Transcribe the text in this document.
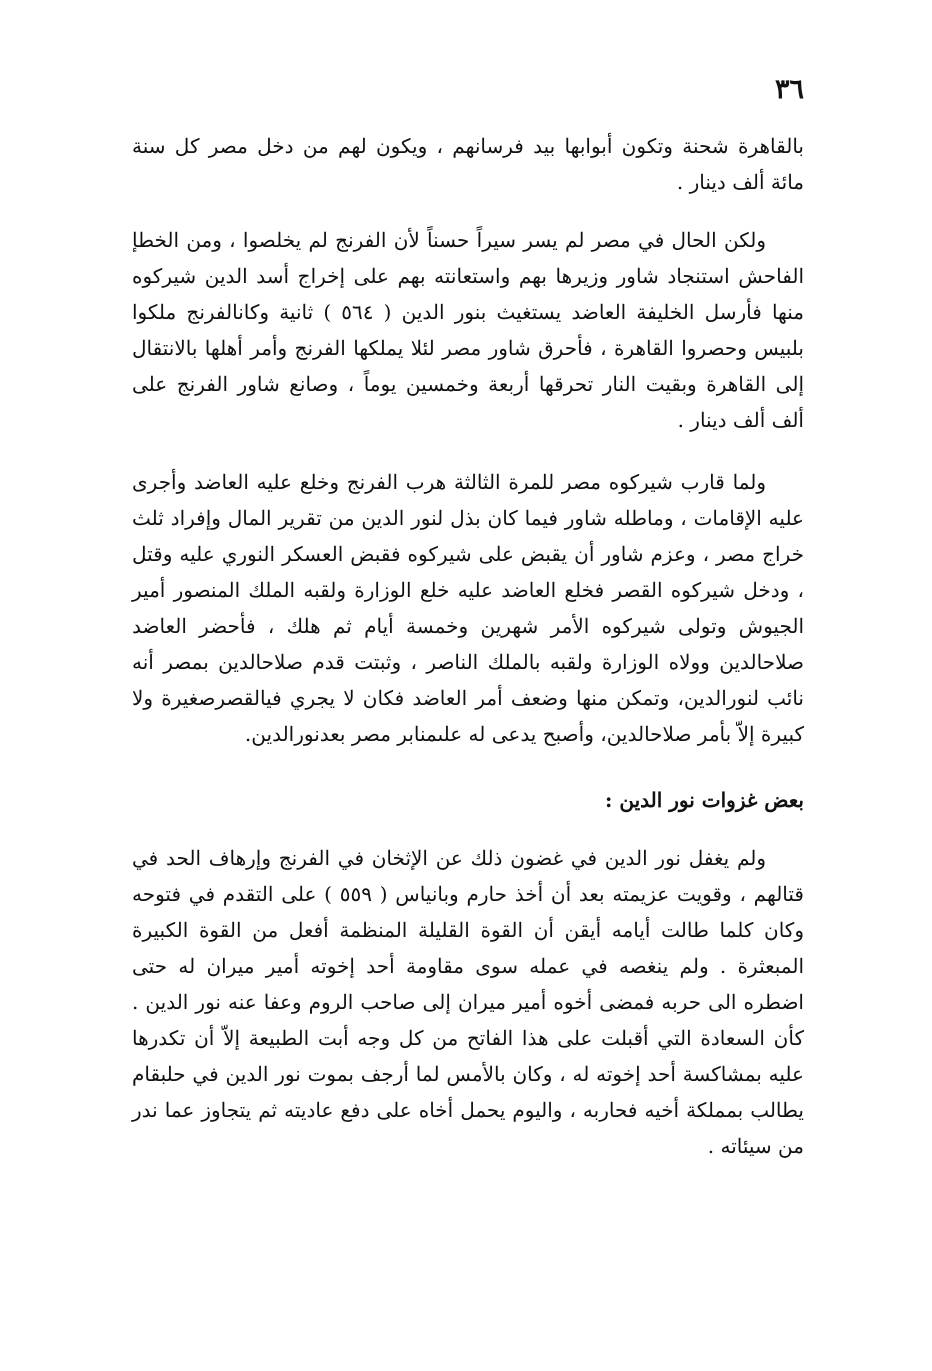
٣٦

بالقاهرة شحنة وتكون أبوابها بيد فرسانهم ، ويكون لهم من دخل مصر كل سنة مائة ألف دينار .

ولكن الحال في مصر لم يسر سيراً حسناً لأن الفرنج لم يخلصوا ، ومن الخطإ الفاحش استنجاد شاور وزيرها بهم واستعانته بهم على إخراج أسد الدين شيركوه منها فأرسل الخليفة العاضد يستغيث بنور الدين ( ٥٦٤ ) ثانية وكانالفرنج ملكوا بلبيس وحصروا القاهرة ، فأحرق شاور مصر لئلا يملكها الفرنج وأمر أهلها بالانتقال إلى القاهرة وبقيت النار تحرقها أربعة وخمسين يوماً ، وصانع شاور الفرنج على ألف ألف دينار .

ولما قارب شيركوه مصر للمرة الثالثة هرب الفرنج وخلع عليه العاضد وأجرى عليه الإقامات ، وماطله شاور فيما كان بذل لنور الدين من تقرير المال وإفراد ثلث خراج مصر ، وعزم شاور أن يقبض على شيركوه فقبض العسكر النوري عليه وقتل ، ودخل شيركوه القصر فخلع العاضد عليه خلع الوزارة ولقبه الملك المنصور أمير الجيوش وتولى شيركوه الأمر شهرين وخمسة أيام ثم هلك ، فأحضر العاضد صلاحالدين وولاه الوزارة ولقبه بالملك الناصر ، وثبتت قدم صلاحالدين بمصر أنه نائب لنورالدين، وتمكن منها وضعف أمر العاضد فكان لا يجري فيالقصرصغيرة ولا كبيرة إلاّ بأمر صلاحالدين، وأصبح يدعى له علىمنابر مصر بعدنورالدين.

بعض غزوات نور الدين :

ولم يغفل نور الدين في غضون ذلك عن الإثخان في الفرنج وإرهاف الحد في قتالهم ، وقويت عزيمته بعد أن أخذ حارم وبانياس ( ٥٥٩ ) على التقدم في فتوحه وكان كلما طالت أيامه أيقن أن القوة القليلة المنظمة أفعل من القوة الكبيرة المبعثرة . ولم ينغصه في عمله سوى مقاومة أحد إخوته أمير ميران له حتى اضطره الى حربه فمضى أخوه أمير ميران إلى صاحب الروم وعفا عنه نور الدين . كأن السعادة التي أقبلت على هذا الفاتح من كل وجه أبت الطبيعة إلاّ أن تكدرها عليه بمشاكسة أحد إخوته له ، وكان بالأمس لما أرجف بموت نور الدين في حلبقام يطالب بمملكة أخيه فحاربه ، واليوم يحمل أخاه على دفع عاديته ثم يتجاوز عما ندر من سيئاته .
